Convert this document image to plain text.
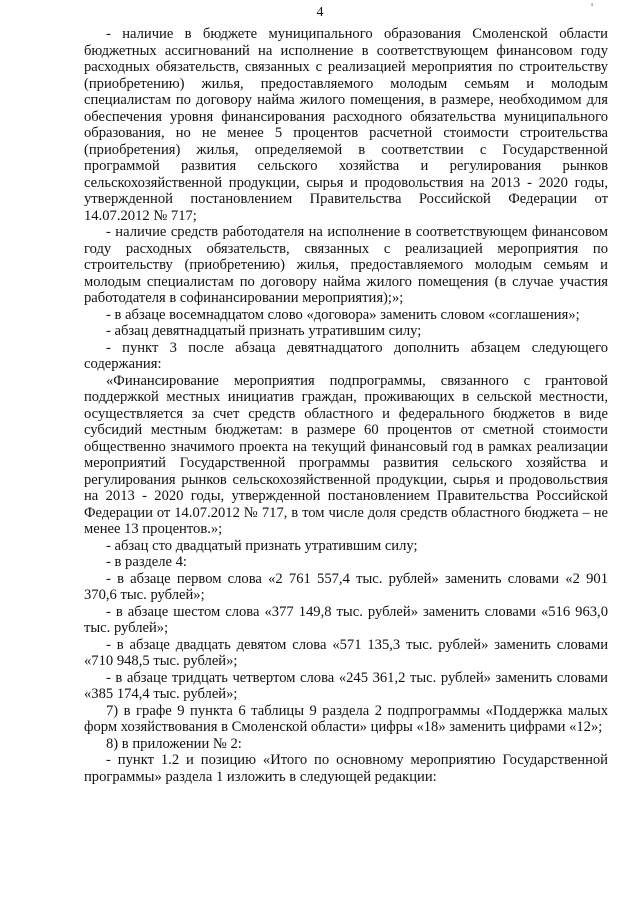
4	'

- наличие в бюджете муниципального образования Смоленской области бюджетных ассигнований на исполнение в соответствующем финансовом году расходных обязательств, связанных с реализацией мероприятия по строительству (приобретению) жилья, предоставляемого молодым семьям и молодым специалистам по договору найма жилого помещения, в размере, необходимом для обеспечения уровня финансирования расходного обязательства муниципального образования, но не менее 5 процентов расчетной стоимости строительства (приобретения) жилья, определяемой в соответствии с Государственной программой развития сельского хозяйства и регулирования рынков сельскохозяйственной продукции, сырья и продовольствия на 2013 - 2020 годы, утвержденной постановлением Правительства Российской Федерации от 14.07.2012 № 717;

- наличие средств работодателя на исполнение в соответствующем финансовом году расходных обязательств, связанных с реализацией мероприятия по строительству (приобретению) жилья, предоставляемого молодым семьям и молодым специалистам по договору найма жилого помещения (в случае участия работодателя в софинансировании мероприятия);»;

- в абзаце восемнадцатом слово «договора» заменить словом «соглашения»;

- абзац девятнадцатый признать утратившим силу;

- пункт 3 после абзаца девятнадцатого дополнить абзацем следующего содержания:

«Финансирование мероприятия подпрограммы, связанного с грантовой поддержкой местных инициатив граждан, проживающих в сельской местности, осуществляется за счет средств областного и федерального бюджетов в виде субсидий местным бюджетам: в размере 60 процентов от сметной стоимости общественно значимого проекта на текущий финансовый год в рамках реализации мероприятий Государственной программы развития сельского хозяйства и регулирования рынков сельскохозяйственной продукции, сырья и продовольствия на 2013 - 2020 годы, утвержденной постановлением Правительства Российской Федерации от 14.07.2012 № 717, в том числе доля средств областного бюджета – не менее 13 процентов.»;

- абзац сто двадцатый признать утратившим силу;

- в разделе 4:

- в абзаце первом слова «2 761 557,4 тыс. рублей» заменить словами «2 901 370,6 тыс. рублей»;

- в абзаце шестом слова «377 149,8 тыс. рублей» заменить словами «516 963,0 тыс. рублей»;

- в абзаце двадцать девятом слова «571 135,3 тыс. рублей» заменить словами «710 948,5 тыс. рублей»;

- в абзаце тридцать четвертом слова «245 361,2 тыс. рублей» заменить словами «385 174,4 тыс. рублей»;

7) в графе 9 пункта 6 таблицы 9 раздела 2 подпрограммы «Поддержка малых форм хозяйствования в Смоленской области» цифры «18» заменить цифрами «12»;

8) в приложении № 2:

- пункт 1.2 и позицию «Итого по основному мероприятию Государственной программы» раздела 1 изложить в следующей редакции:
